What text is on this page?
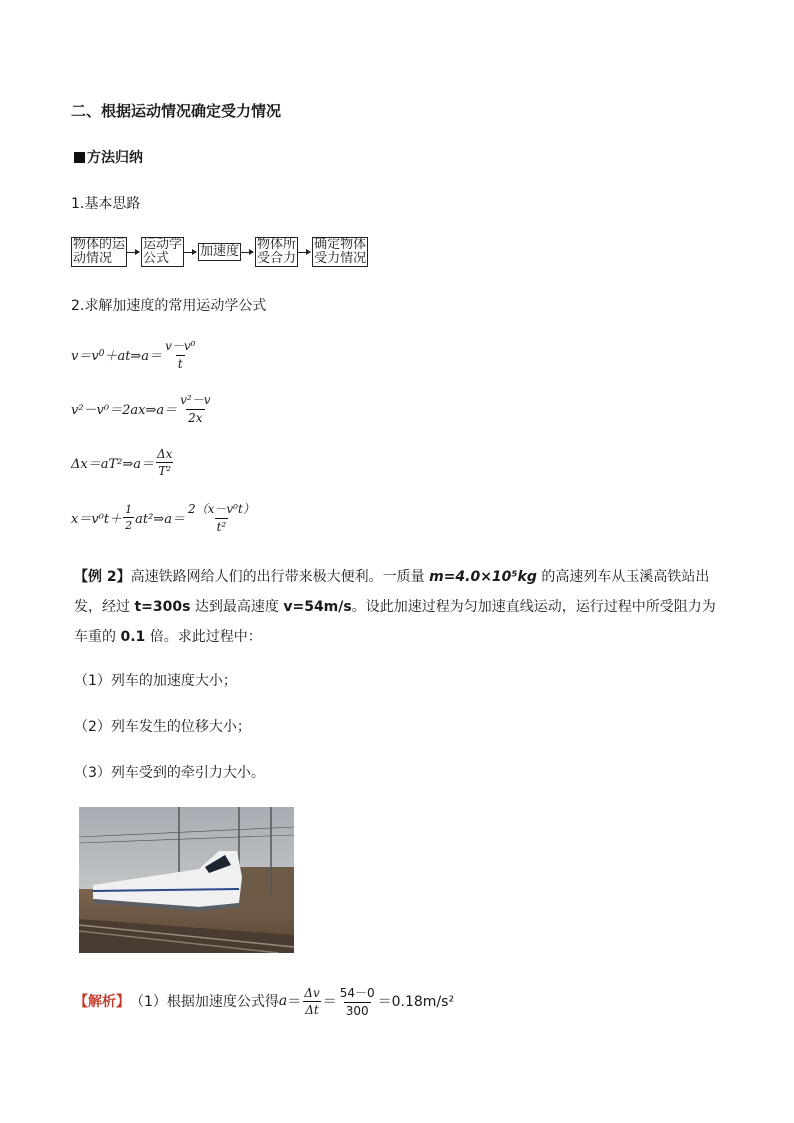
二、根据运动情况确定受力情况
方法归纳
1.基本思路
物体的运
动情况
运动学
公式	加速度 物体所
受合力
确定物体
受力情况
2.求解加速度的常用运动学公式
v＝v 0 ＋at⇒a＝ $\frac{\text{v－v⁰}}{t}$
v²－v⁰＝2ax⇒a＝ $\frac{\text{v²－v}}{2x}$
Δx＝aT²⇒a＝ $\frac{\Delta x}{\text{T²}}$
$x=v^0t+ \frac{1}{2}$ at²⇒a＝ $\frac{\text{2（x－v⁰t）}}{\text{t²}}$
【例 2】高速铁路网给人们的出行带来极大便利。一质量 m=4.0×10⁵kg 的高速列车从玉溪高铁站出发，经过 t=300s 达到最高速度 v=54m/s。设此加速过程为匀加速直线运动，运行过程中所受阻力为车重的 0.1 倍。求此过程中：
（1）列车的加速度大小；
（2）列车发生的位移大小；
（3）列车受到的牵引力大小。
【解析】 （1）根据加速度公式得 $a = \frac{\Delta v}{\Delta t} = \frac{54-0}{300} =0.18m/s^2$
